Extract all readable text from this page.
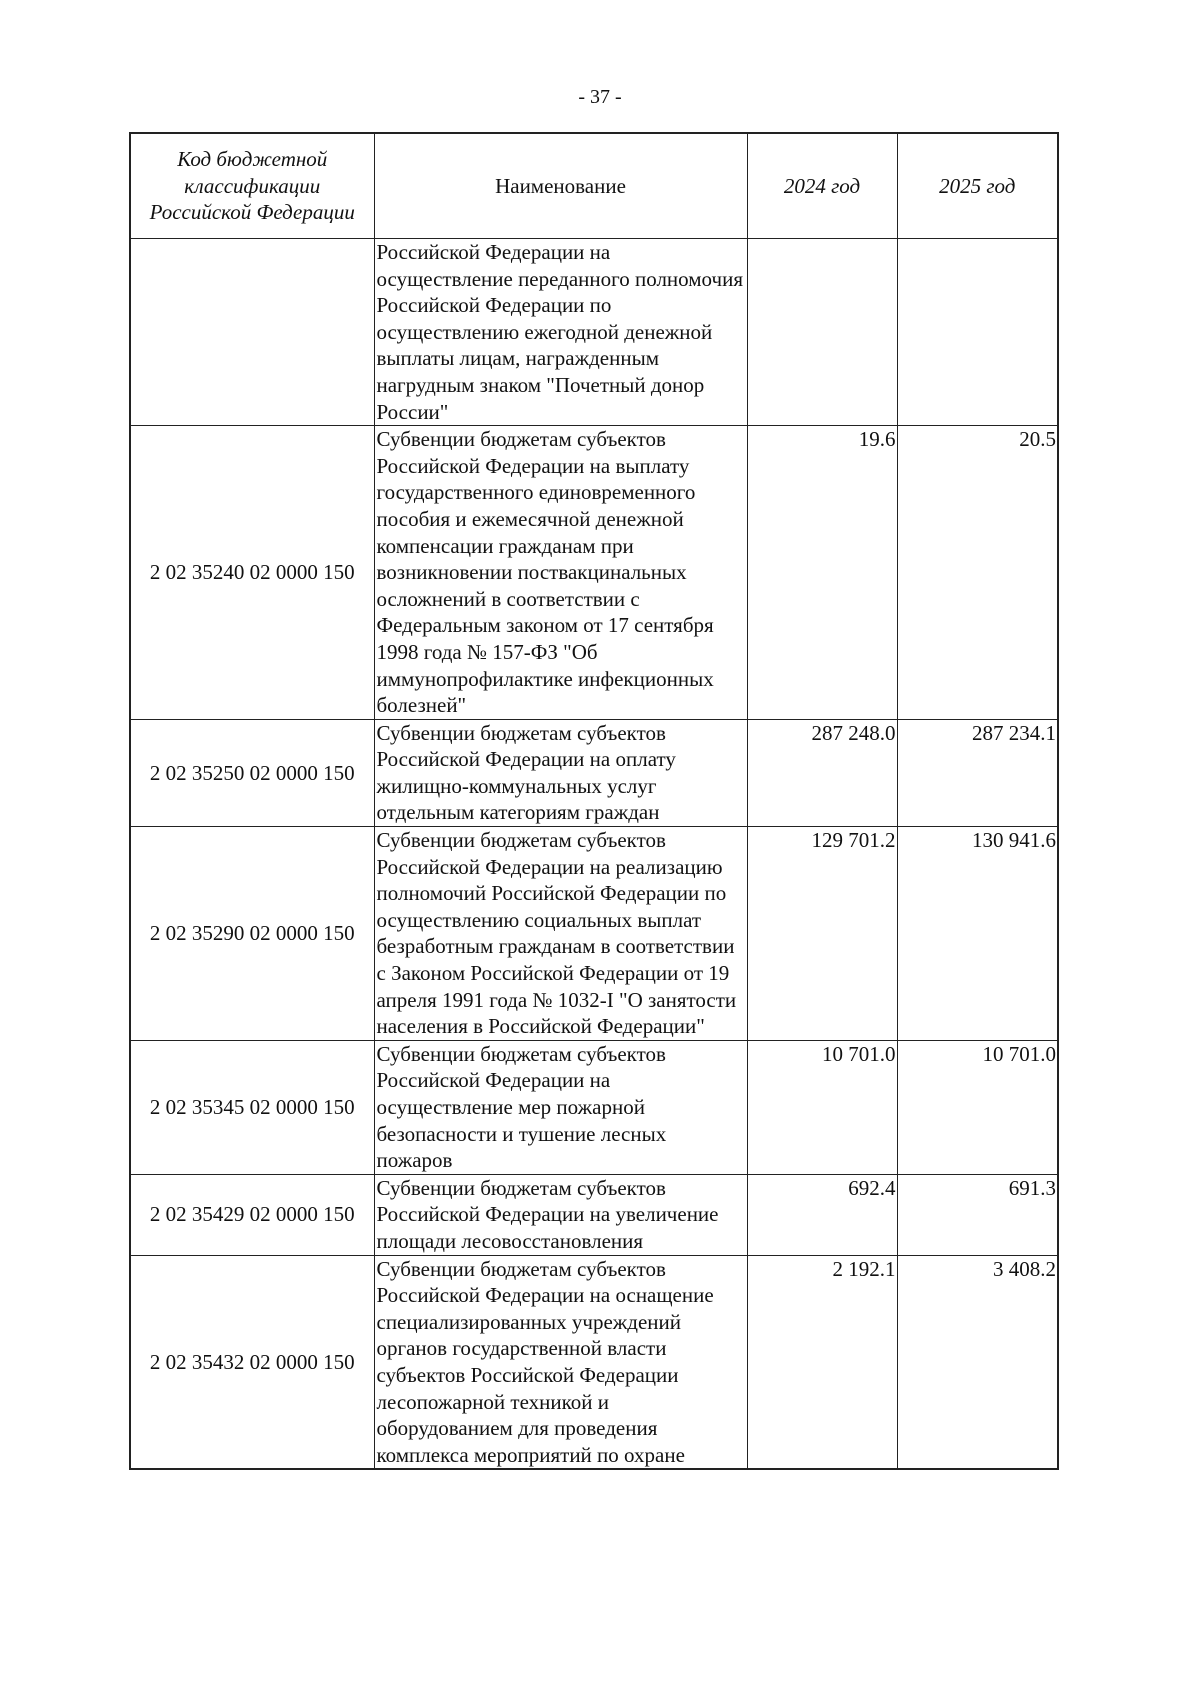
- 37 -
Код бюджетной классификации Российской Федерации	Наименование	2024 год	2025 год
	Российской Федерации на осуществление переданного полномочия Российской Федерации по осуществлению ежегодной денежной выплаты лицам, награжденным нагрудным знаком "Почетный донор России"		
2 02 35240 02 0000 150	Субвенции бюджетам субъектов Российской Федерации на выплату государственного единовременного пособия и ежемесячной денежной компенсации гражданам при возникновении поствакцинальных осложнений в соответствии с Федеральным законом от 17 сентября 1998 года № 157-ФЗ "Об иммунопрофилактике инфекционных болезней"	19.6	20.5
2 02 35250 02 0000 150	Субвенции бюджетам субъектов Российской Федерации на оплату жилищно-коммунальных услуг отдельным категориям граждан	287 248.0	287 234.1
2 02 35290 02 0000 150	Субвенции бюджетам субъектов Российской Федерации на реализацию полномочий Российской Федерации по осуществлению социальных выплат безработным гражданам в соответствии с Законом Российской Федерации от 19 апреля 1991 года № 1032-I "О занятости населения в Российской Федерации"	129 701.2	130 941.6
2 02 35345 02 0000 150	Субвенции бюджетам субъектов Российской Федерации на осуществление мер пожарной безопасности и тушение лесных пожаров	10 701.0	10 701.0
2 02 35429 02 0000 150	Субвенции бюджетам субъектов Российской Федерации на увеличение площади лесовосстановления	692.4	691.3
2 02 35432 02 0000 150	Субвенции бюджетам субъектов Российской Федерации на оснащение специализированных учреждений органов государственной власти субъектов Российской Федерации лесопожарной техникой и оборудованием для проведения комплекса мероприятий по охране	2 192.1	3 408.2
